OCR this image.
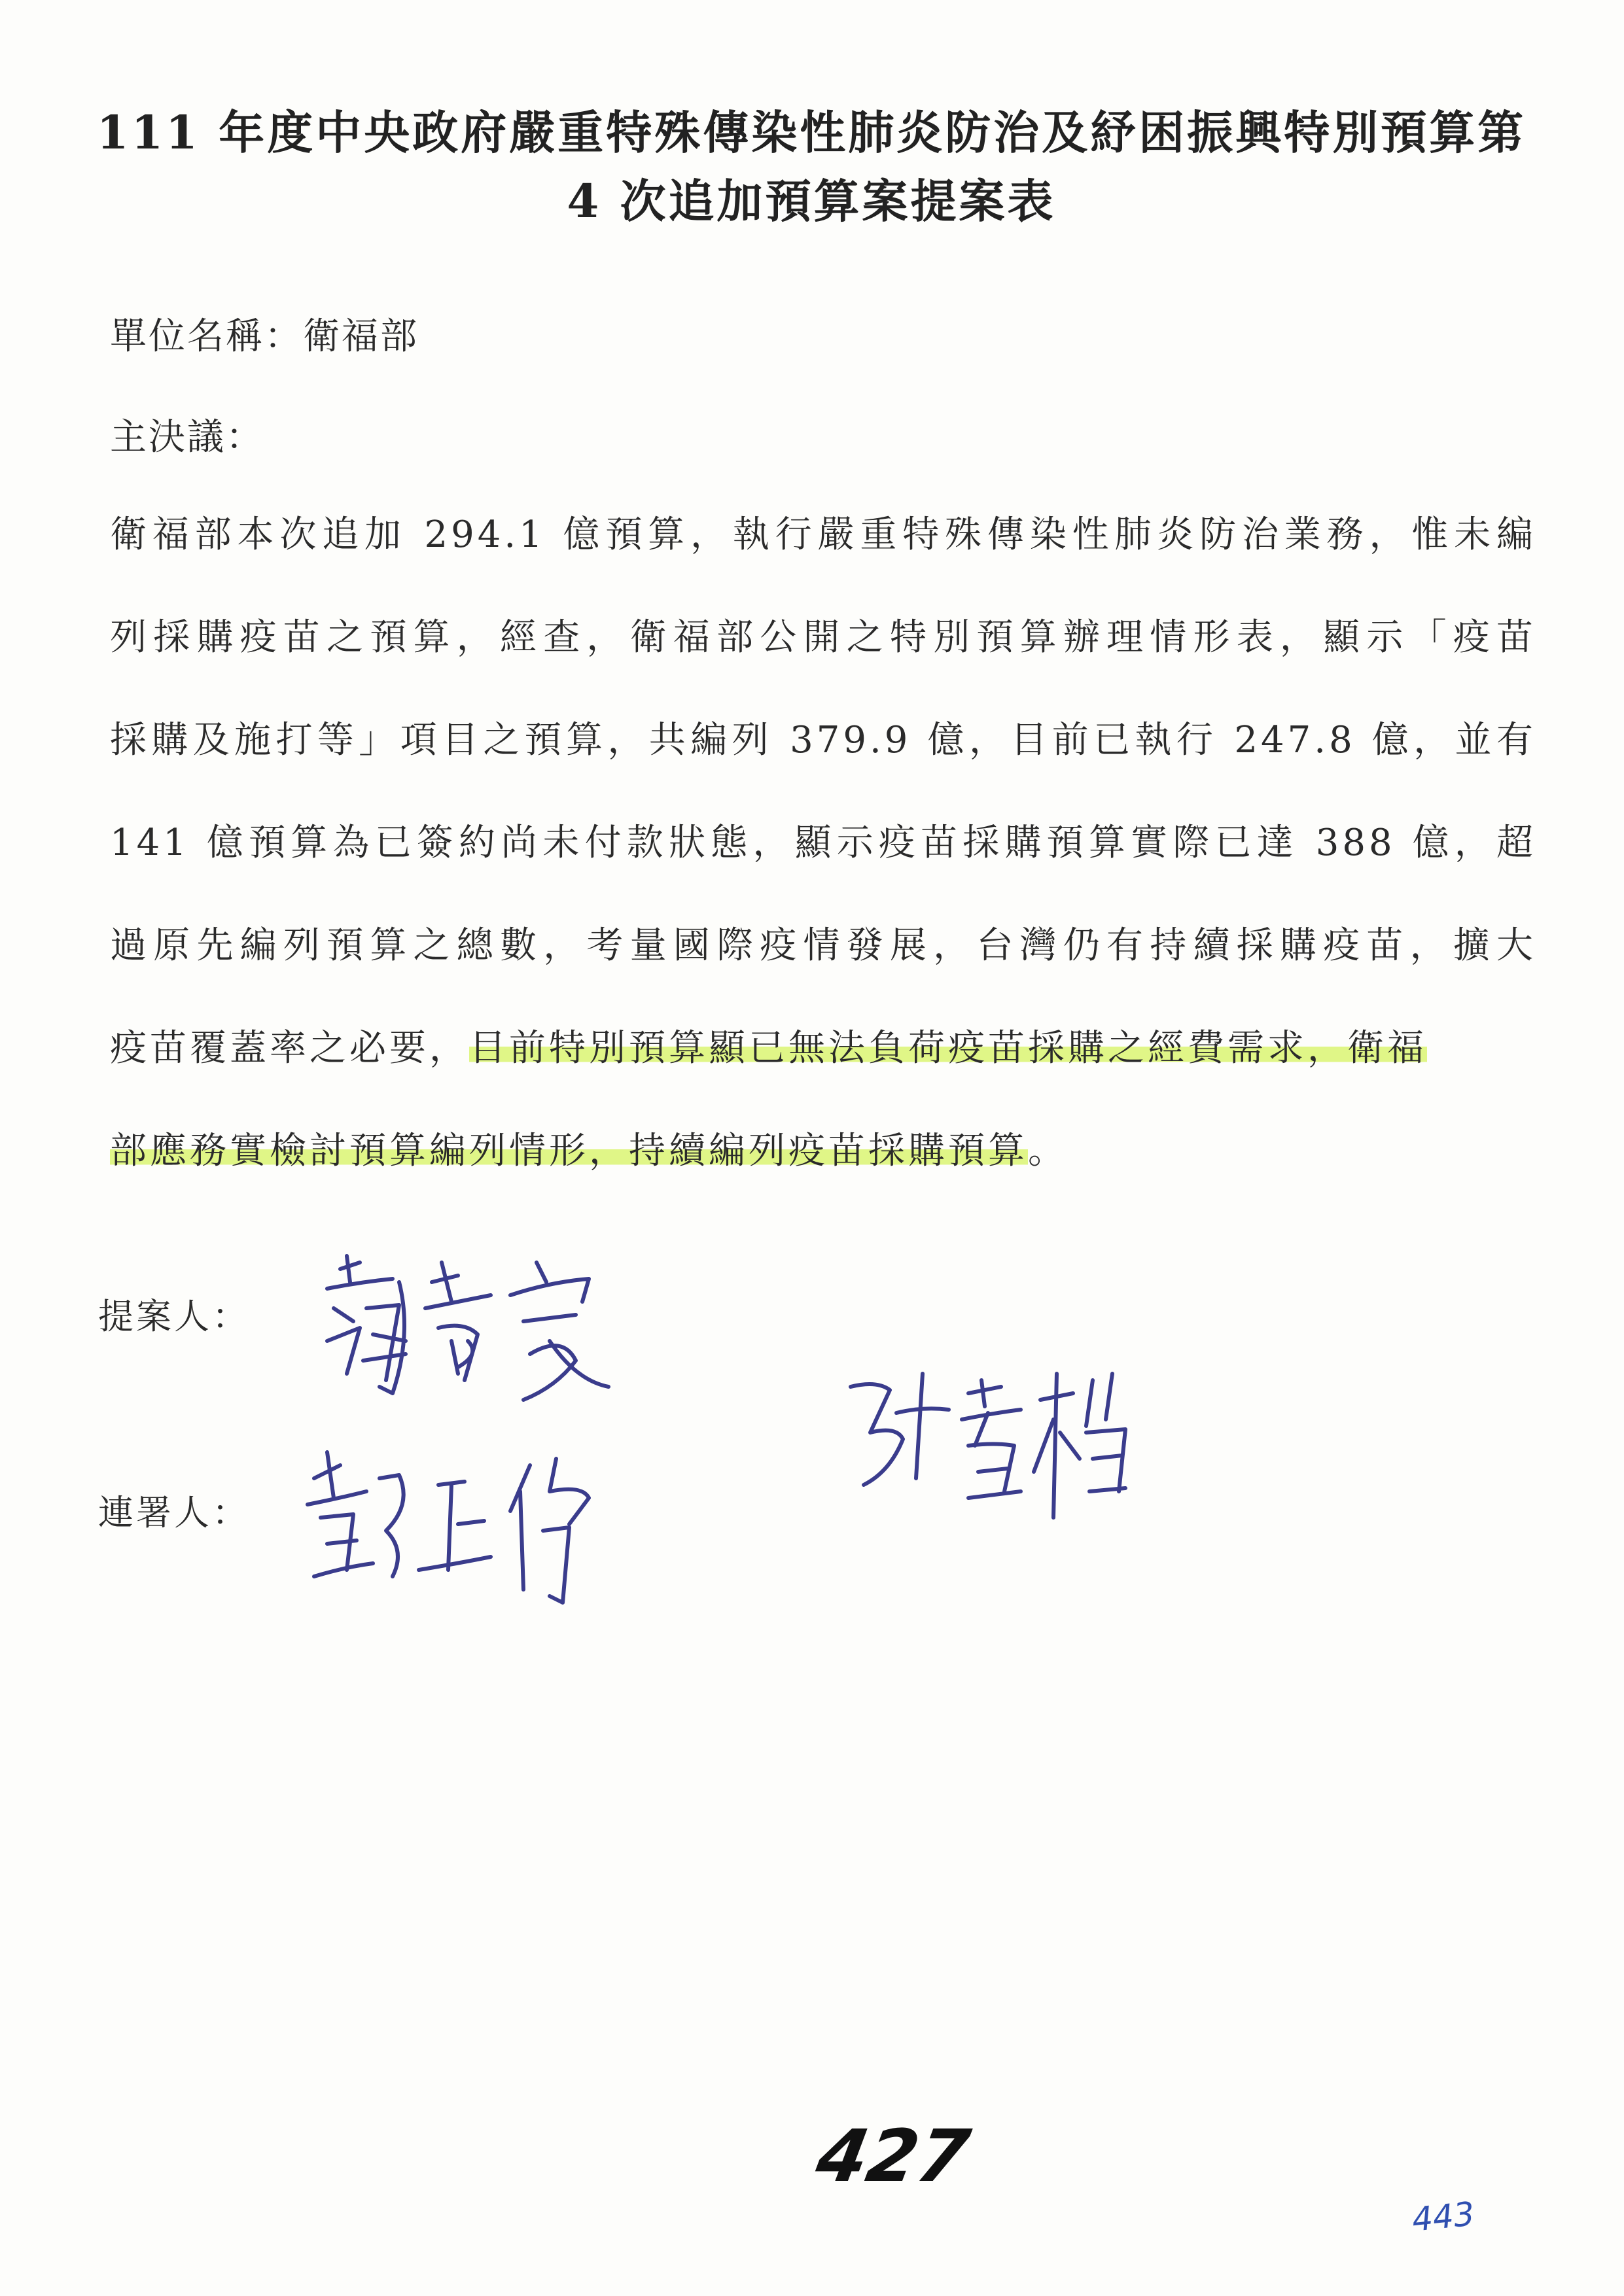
111 年度中央政府嚴重特殊傳染性肺炎防治及紓困振興特別預算第
4 次追加預算案提案表
單位名稱：衛福部
主決議：
衛福部本次追加 294.1 億預算，執行嚴重特殊傳染性肺炎防治業務，惟未編
列採購疫苗之預算，經查，衛福部公開之特別預算辦理情形表，顯示「疫苗
採購及施打等」項目之預算，共編列 379.9 億，目前已執行 247.8 億，並有
141 億預算為已簽約尚未付款狀態，顯示疫苗採購預算實際已達 388 億，超
過原先編列預算之總數，考量國際疫情發展，台灣仍有持續採購疫苗，擴大
疫苗覆蓋率之必要，目前特別預算顯已無法負荷疫苗採購之經費需求，衛福
部應務實檢討預算編列情形，持續編列疫苗採購預算。
提案人：
連署人：
427
443
